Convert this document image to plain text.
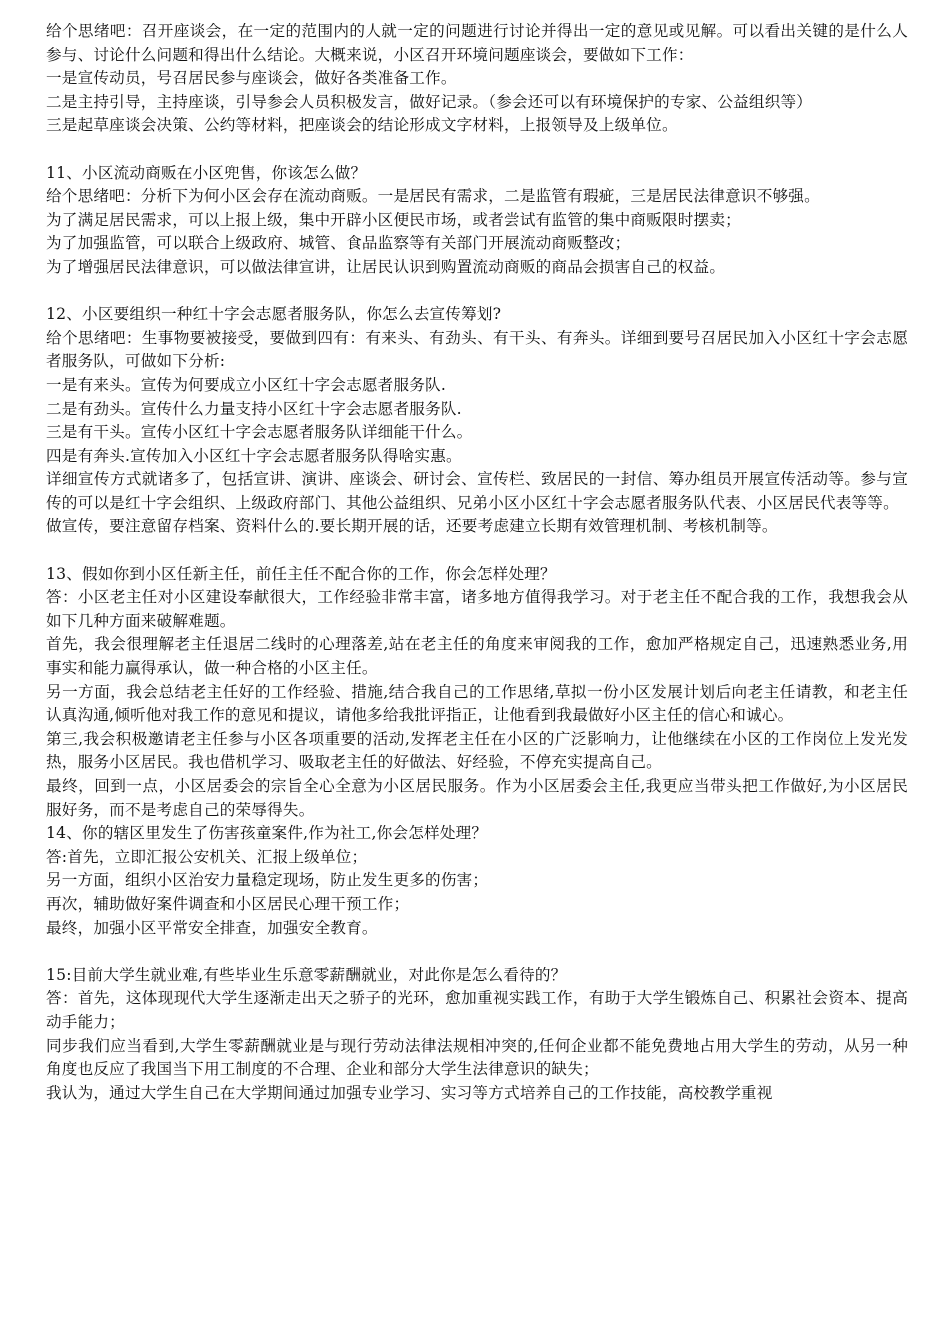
给个思绪吧：召开座谈会，在一定的范围内的人就一定的问题进行讨论并得出一定的意见或见解。可以看出关键的是什么人参与、讨论什么问题和得出什么结论。大概来说，小区召开环境问题座谈会，要做如下工作：
一是宣传动员，号召居民参与座谈会，做好各类准备工作。
二是主持引导，主持座谈，引导参会人员积极发言，做好记录。（参会还可以有环境保护的专家、公益组织等）
三是起草座谈会决策、公约等材料，把座谈会的结论形成文字材料，上报领导及上级单位。
11、小区流动商贩在小区兜售，你该怎么做？
给个思绪吧：分析下为何小区会存在流动商贩。一是居民有需求，二是监管有瑕疵，三是居民法律意识不够强。
为了满足居民需求，可以上报上级，集中开辟小区便民市场，或者尝试有监管的集中商贩限时摆卖；
为了加强监管，可以联合上级政府、城管、食品监察等有关部门开展流动商贩整改；
为了增强居民法律意识，可以做法律宣讲，让居民认识到购置流动商贩的商品会损害自己的权益。
12、小区要组织一种红十字会志愿者服务队，你怎么去宣传筹划?
给个思绪吧：生事物要被接受，要做到四有：有来头、有劲头、有干头、有奔头。详细到要号召居民加入小区红十字会志愿者服务队，可做如下分析:
一是有来头。宣传为何要成立小区红十字会志愿者服务队.
二是有劲头。宣传什么力量支持小区红十字会志愿者服务队.
三是有干头。宣传小区红十字会志愿者服务队详细能干什么。
四是有奔头.宣传加入小区红十字会志愿者服务队得啥实惠。
详细宣传方式就诸多了，包括宣讲、演讲、座谈会、研讨会、宣传栏、致居民的一封信、筹办组员开展宣传活动等。参与宣传的可以是红十字会组织、上级政府部门、其他公益组织、兄弟小区小区红十字会志愿者服务队代表、小区居民代表等等。
做宣传，要注意留存档案、资料什么的.要长期开展的话，还要考虑建立长期有效管理机制、考核机制等。
13、假如你到小区任新主任，前任主任不配合你的工作，你会怎样处理？
答：小区老主任对小区建设奉献很大，工作经验非常丰富，诸多地方值得我学习。对于老主任不配合我的工作，我想我会从如下几种方面来破解难题。
首先，我会很理解老主任退居二线时的心理落差,站在老主任的角度来审阅我的工作，愈加严格规定自己，迅速熟悉业务,用事实和能力赢得承认，做一种合格的小区主任。
另一方面，我会总结老主任好的工作经验、措施,结合我自己的工作思绪,草拟一份小区发展计划后向老主任请教，和老主任认真沟通,倾听他对我工作的意见和提议，请他多给我批评指正，让他看到我最做好小区主任的信心和诚心。
第三,我会积极邀请老主任参与小区各项重要的活动,发挥老主任在小区的广泛影响力，让他继续在小区的工作岗位上发光发热，服务小区居民。我也借机学习、吸取老主任的好做法、好经验，不停充实提高自己。
最终，回到一点，小区居委会的宗旨全心全意为小区居民服务。作为小区居委会主任,我更应当带头把工作做好,为小区居民服好务，而不是考虑自己的荣辱得失。
14、你的辖区里发生了伤害孩童案件,作为社工,你会怎样处理？
答:首先，立即汇报公安机关、汇报上级单位；
另一方面，组织小区治安力量稳定现场，防止发生更多的伤害；
再次，辅助做好案件调查和小区居民心理干预工作；
最终，加强小区平常安全排查，加强安全教育。
15:目前大学生就业难,有些毕业生乐意零薪酬就业，对此你是怎么看待的？
答：首先，这体现现代大学生逐渐走出天之骄子的光环，愈加重视实践工作，有助于大学生锻炼自己、积累社会资本、提高动手能力；
同步我们应当看到,大学生零薪酬就业是与现行劳动法律法规相冲突的,任何企业都不能免费地占用大学生的劳动，从另一种角度也反应了我国当下用工制度的不合理、企业和部分大学生法律意识的缺失；
我认为，通过大学生自己在大学期间通过加强专业学习、实习等方式培养自己的工作技能，高校教学重视
